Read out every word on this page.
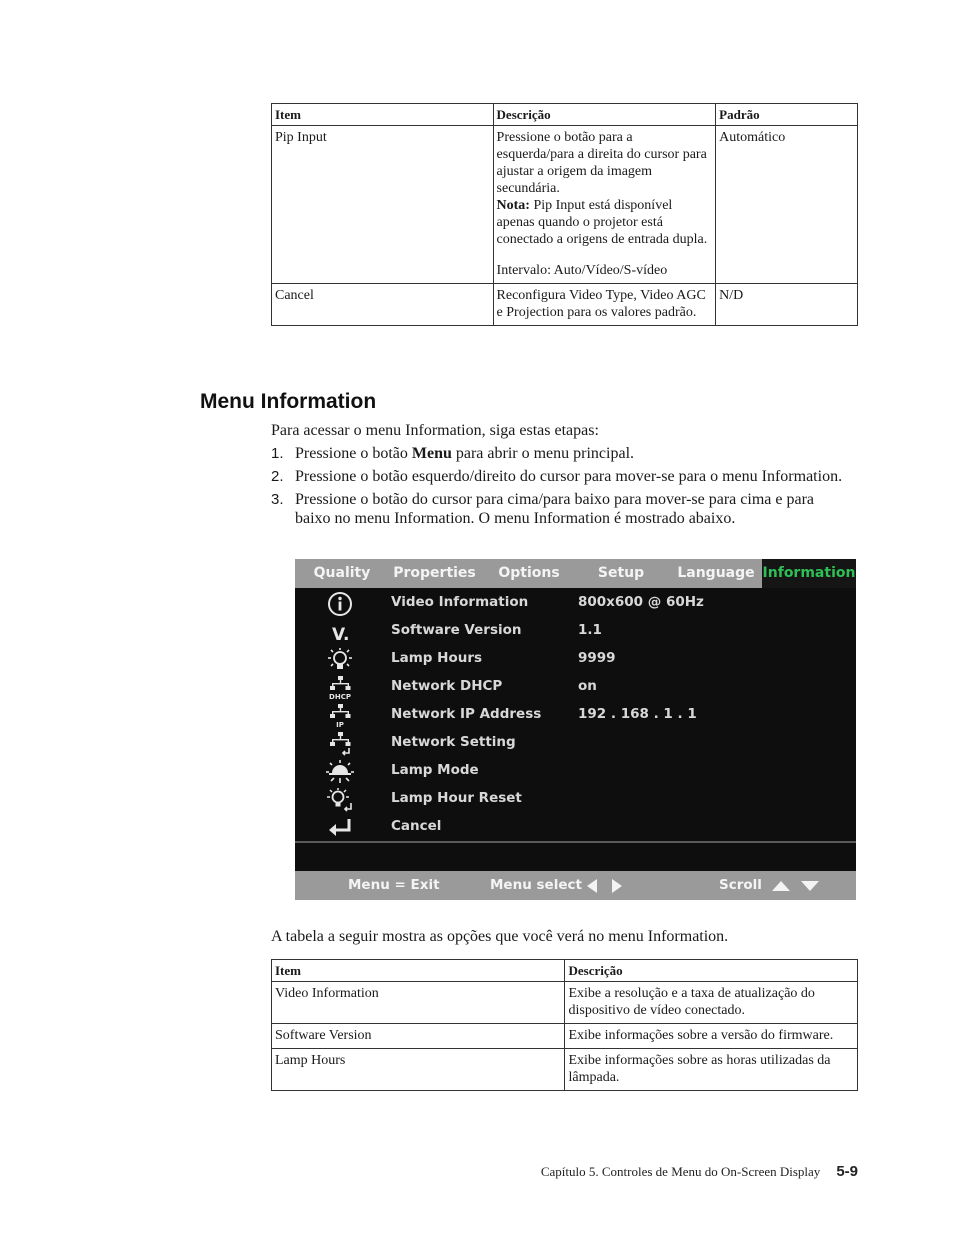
Item	Descrição	Padrão
Pip Input	Pressione o botão para a esquerda/para a direita do cursor para ajustar a origem da imagem secundária.
Nota: Pip Input está disponível apenas quando o projetor está conectado a origens de entrada dupla.
Intervalo: Auto/Vídeo/S-vídeo	Automático
Cancel	Reconfigura Video Type, Video AGC e Projection para os valores padrão.	N/D
Menu Information
Para acessar o menu Information, siga estas etapas:
1. Pressione o botão Menu para abrir o menu principal.
2. Pressione o botão esquerdo/direito do cursor para mover-se para o menu Information.
3. Pressione o botão do cursor para cima/para baixo para mover-se para cima e para baixo no menu Information. O menu Information é mostrado abaixo.
Quality	Properties	Options	Setup	Language Information
Video Information	800x600 @ 60Hz
V.	Software Version	1.1
Lamp Hours	9999
DHCP
Network DHCP	on
IP
Network IP Address	192 . 168 . 1 . 1
Network Setting
Lamp Mode
Lamp Hour Reset
Cancel
Menu = Exit	Menu select	Scroll
A tabela a seguir mostra as opções que você verá no menu Information.
Item	Descrição
Video Information	Exibe a resolução e a taxa de atualização do dispositivo de vídeo conectado.
Software Version	Exibe informações sobre a versão do firmware.
Lamp Hours	Exibe informações sobre as horas utilizadas da lâmpada.
Capítulo 5. Controles de Menu do On-Screen Display 5-9
